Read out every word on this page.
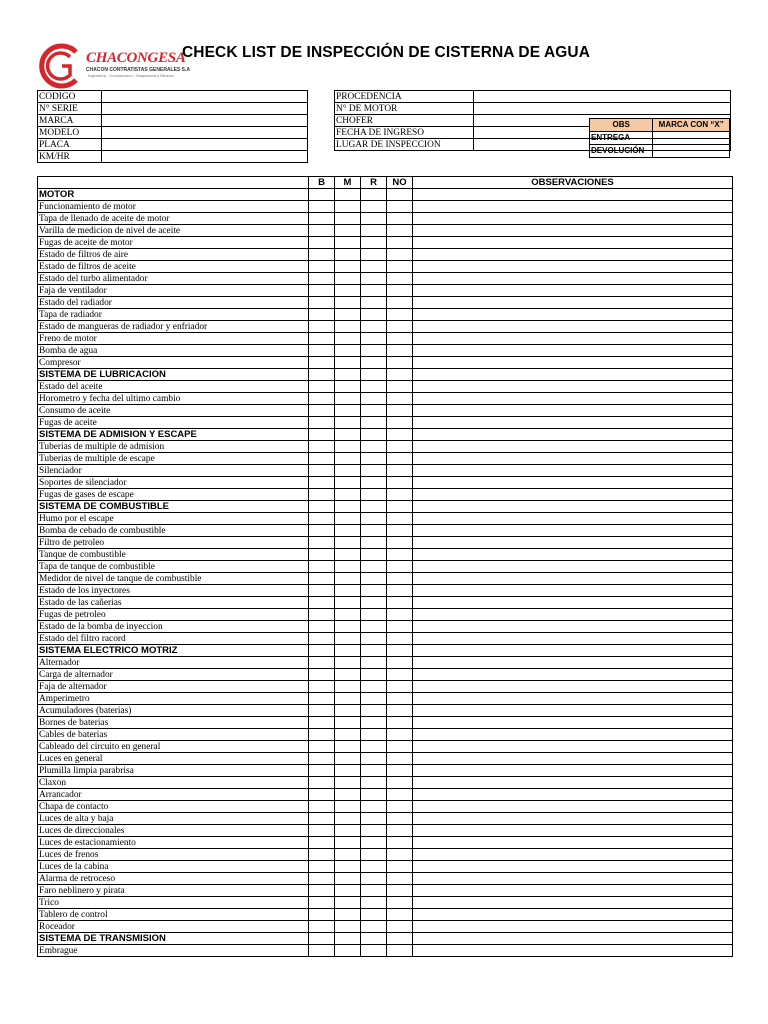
CHACONGESA
CHACON CONTRATISTAS GENERALES S.A
Ingeniería - Construcción - Maquinaria y Minería
CHECK LIST DE INSPECCIÓN DE CISTERNA DE AGUA
CODIGO	
N° SERIE	
MARCA	
MODELO	
PLACA	
KM/HR	
PROCEDENCIA	
N° DE MOTOR	
CHOFER	
FECHA DE INGRESO	
LUGAR DE INSPECCION	
OBS	MARCA CON “X”
ENTREGA	
DEVOLUCIÓN	
	B	M	R	NO	OBSERVACIONES
MOTOR					
Funcionamiento de motor					
Tapa de llenado de aceite de motor					
Varilla de medicion de nivel de aceite					
Fugas de aceite de motor					
Estado de filtros de aire					
Estado de filtros de aceite					
Estado del turbo alimentador					
Faja de ventilador					
Estado del radiador					
Tapa de radiador					
Estado de mangueras de radiador y enfriador					
Freno de motor					
Bomba de agua					
Compresor					
SISTEMA DE LUBRICACION					
Estado del aceite					
Horometro y fecha del ultimo cambio					
Consumo de aceite					
Fugas de aceite					
SISTEMA DE ADMISION Y ESCAPE					
Tuberias de multiple de admision					
Tuberias de multiple de escape					
Silenciador					
Soportes de silenciador					
Fugas de gases de escape					
SISTEMA DE COMBUSTIBLE					
Humo por el escape					
Bomba de cebado de combustible					
Filtro de petroleo					
Tanque de combustible					
Tapa de tanque de combustible					
Medidor de nivel de tanque de combustible					
Estado de los inyectores					
Estado de las cañerias					
Fugas de petroleo					
Estado de la bomba de inyeccion					
Estado del filtro racord					
SISTEMA ELECTRICO MOTRIZ					
Alternador					
Carga de alternador					
Faja de alternador					
Amperimetro					
Acumuladores (baterias)					
Bornes de baterias					
Cables de baterias					
Cableado del circuito en general					
Luces en general					
Plumilla limpia parabrisa					
Claxon					
Arrancador					
Chapa de contacto					
Luces de alta y baja					
Luces de direccionales					
Luces de estacionamiento					
Luces de frenos					
Luces de la cabina					
Alarma de retroceso					
Faro neblinero y pirata					
Trico					
Tablero de control					
Roceador					
SISTEMA DE TRANSMISION					
Embrague					
